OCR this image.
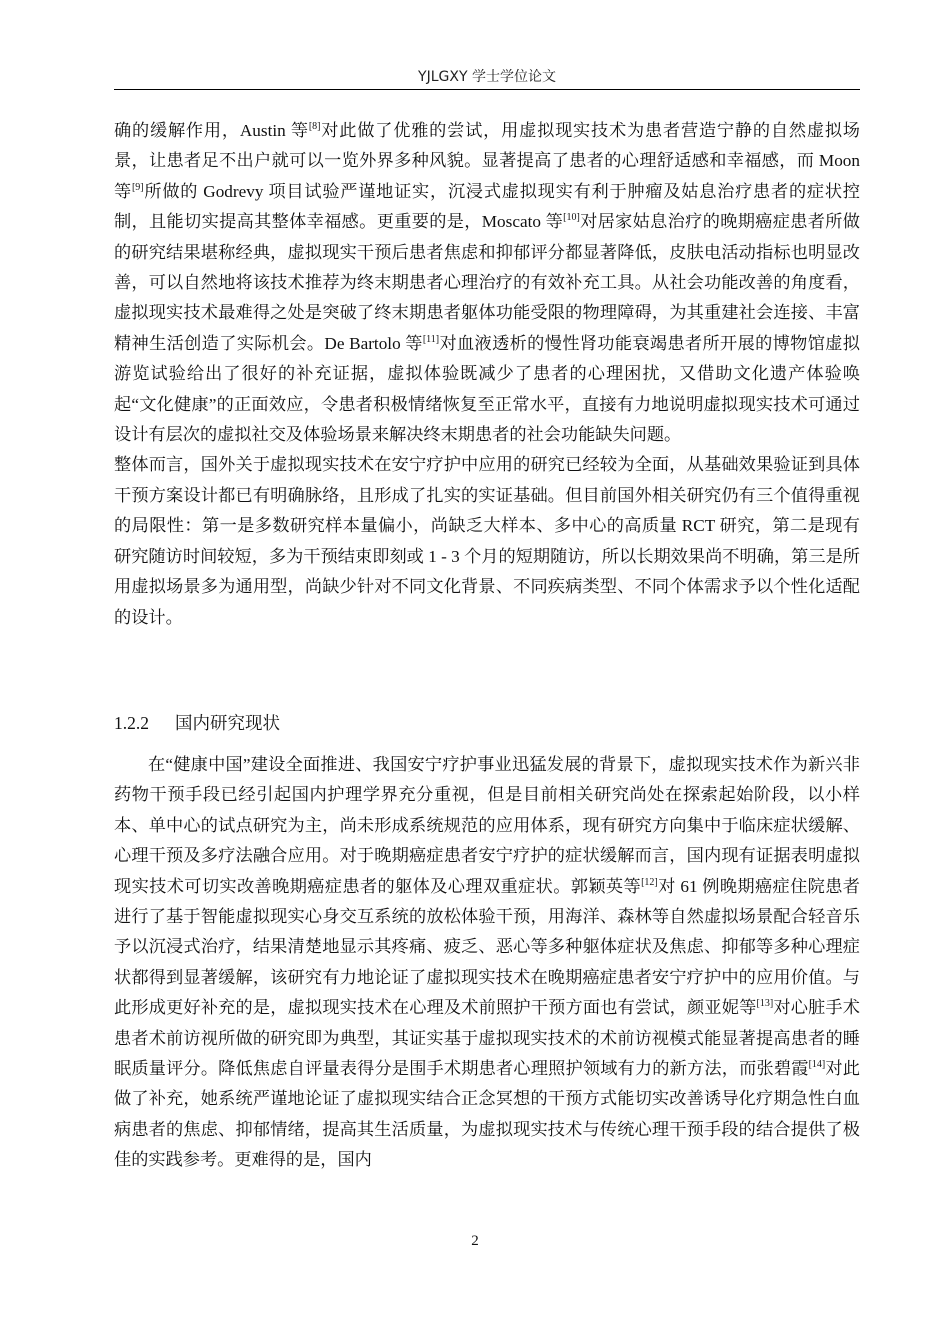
YJLGXY 学士学位论文

确的缓解作用，Austin 等[8]对此做了优雅的尝试，用虚拟现实技术为患者营造宁静的自然虚拟场景，让患者足不出户就可以一览外界多种风貌。显著提高了患者的心理舒适感和幸福感，而 Moon 等[9]所做的 Godrevy 项目试验严谨地证实，沉浸式虚拟现实有利于肿瘤及姑息治疗患者的症状控制，且能切实提高其整体幸福感。更重要的是，Moscato 等[10]对居家姑息治疗的晚期癌症患者所做的研究结果堪称经典，虚拟现实干预后患者焦虑和抑郁评分都显著降低，皮肤电活动指标也明显改善，可以自然地将该技术推荐为终末期患者心理治疗的有效补充工具。从社会功能改善的角度看，虚拟现实技术最难得之处是突破了终末期患者躯体功能受限的物理障碍，为其重建社会连接、丰富精神生活创造了实际机会。De Bartolo 等[11]对血液透析的慢性肾功能衰竭患者所开展的博物馆虚拟游览试验给出了很好的补充证据，虚拟体验既减少了患者的心理困扰，又借助文化遗产体验唤起“文化健康”的正面效应，令患者积极情绪恢复至正常水平，直接有力地说明虚拟现实技术可通过设计有层次的虚拟社交及体验场景来解决终末期患者的社会功能缺失问题。

整体而言，国外关于虚拟现实技术在安宁疗护中应用的研究已经较为全面，从基础效果验证到具体干预方案设计都已有明确脉络，且形成了扎实的实证基础。但目前国外相关研究仍有三个值得重视的局限性：第一是多数研究样本量偏小，尚缺乏大样本、多中心的高质量 RCT 研究，第二是现有研究随访时间较短，多为干预结束即刻或 1 - 3 个月的短期随访，所以长期效果尚不明确，第三是所用虚拟场景多为通用型，尚缺少针对不同文化背景、不同疾病类型、不同个体需求予以个性化适配的设计。

1.2.2 国内研究现状

在“健康中国”建设全面推进、我国安宁疗护事业迅猛发展的背景下，虚拟现实技术作为新兴非药物干预手段已经引起国内护理学界充分重视，但是目前相关研究尚处在探索起始阶段，以小样本、单中心的试点研究为主，尚未形成系统规范的应用体系，现有研究方向集中于临床症状缓解、心理干预及多疗法融合应用。对于晚期癌症患者安宁疗护的症状缓解而言，国内现有证据表明虚拟现实技术可切实改善晚期癌症患者的躯体及心理双重症状。郭颖英等[12]对 61 例晚期癌症住院患者进行了基于智能虚拟现实心身交互系统的放松体验干预，用海洋、森林等自然虚拟场景配合轻音乐予以沉浸式治疗，结果清楚地显示其疼痛、疲乏、恶心等多种躯体症状及焦虑、抑郁等多种心理症状都得到显著缓解，该研究有力地论证了虚拟现实技术在晚期癌症患者安宁疗护中的应用价值。与此形成更好补充的是，虚拟现实技术在心理及术前照护干预方面也有尝试，颜亚妮等[13]对心脏手术患者术前访视所做的研究即为典型，其证实基于虚拟现实技术的术前访视模式能显著提高患者的睡眠质量评分。降低焦虑自评量表得分是围手术期患者心理照护领域有力的新方法，而张碧霞[14]对此做了补充，她系统严谨地论证了虚拟现实结合正念冥想的干预方式能切实改善诱导化疗期急性白血病患者的焦虑、抑郁情绪，提高其生活质量，为虚拟现实技术与传统心理干预手段的结合提供了极佳的实践参考。更难得的是，国内

2
